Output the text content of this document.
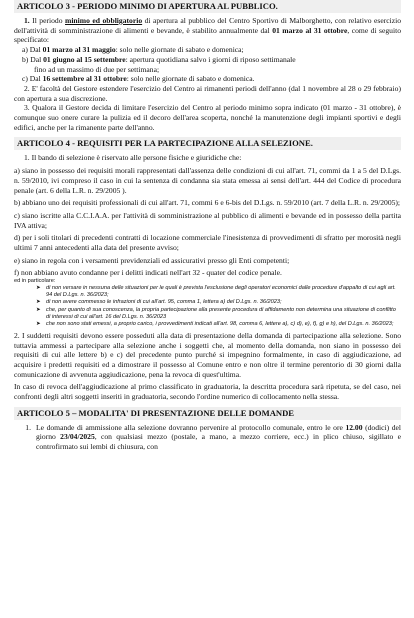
ARTICOLO 3 - PERIODO MINIMO DI APERTURA AL PUBBLICO.

1. Il periodo minimo ed obbligatorio di apertura al pubblico del Centro Sportivo di Malborghetto, con relativo esercizio dell'attività di somministrazione di alimenti e bevande, è stabilito annualmente dal 01 marzo al 31 ottobre, come di seguito specificato:

a) Dal 01 marzo al 31 maggio: solo nelle giornate di sabato e domenica;

b) Dal 01 giugno al 15 settembre: apertura quotidiana salvo i giorni di riposo settimanale

fino ad un massimo di due per settimana;

c) Dal 16 settembre al 31 ottobre: solo nelle giornate di sabato e domenica.

2. E' facoltà del Gestore estendere l'esercizio del Centro ai rimanenti periodi dell'anno (dal 1 novembre al 28 o 29 febbraio) con apertura a sua discrezione.

3. Qualora il Gestore decida di limitare l'esercizio del Centro al periodo minimo sopra indicato (01 marzo - 31 ottobre), è comunque suo onere curare la pulizia ed il decoro dell'area scoperta, nonché la manutenzione degli impianti sportivi e degli edifici, anche per la rimanente parte dell'anno.

ARTICOLO 4 - REQUISITI PER LA PARTECIPAZIONE ALLA SELEZIONE.

1. Il bando di selezione è riservato alle persone fisiche e giuridiche che:

a) siano in possesso dei requisiti morali rappresentati dall'assenza delle condizioni di cui all'art. 71, commi da 1 a 5 del D.Lgs. n. 59/2010, ivi compreso il caso in cui la sentenza di condanna sia stata emessa ai sensi dell'art. 444 del Codice di procedura penale (art. 6 della L.R. n. 29/2005 ).

b) abbiano uno dei requisiti professionali di cui all'art. 71, commi 6 e 6-bis del D.Lgs. n. 59/2010 (art. 7 della L.R. n. 29/2005);

c) siano iscritte alla C.C.I.A.A. per l'attività di somministrazione al pubblico di alimenti e bevande ed in possesso della partita IVA attiva;

d) per i soli titolari di precedenti contratti di locazione commerciale l'inesistenza di provvedimenti di sfratto per morosità negli ultimi 7 anni antecedenti alla data del presente avviso;

e) siano in regola con i versamenti previdenziali ed assicurativi presso gli Enti competenti;

f) non abbiano avuto condanne per i delitti indicati nell'art 32 - quater del codice penale.

ed in particolare:

➤ di non versare in nessuna delle situazioni per le quali è prevista l'esclusione degli operatori economici dalle procedure d'appalto di cui agli art. 94 del D.Lgs. n. 36/2023;
➤ di non avere commesso le infrazioni di cui all'art. 95, comma 1, lettera a) del D.Lgs. n. 36/2023;
➤ che, per quanto di sua conoscenza, la propria partecipazione alla presente procedura di affidamento non determina una situazione di conflitto di interessi di cui all'art. 16 del D.Lgs. n. 36/2023
➤ che non sono stati emessi, a proprio carico, i provvedimenti indicati all'art. 98, comma 6, lettere a), c) d), e), f), g) e h), del D.Lgs. n. 36/2023;

2. I suddetti requisiti devono essere posseduti alla data di presentazione della domanda di partecipazione alla selezione. Sono tuttavia ammessi a partecipare alla selezione anche i soggetti che, al momento della domanda, non siano in possesso dei requisiti di cui alle lettere b) e c) del precedente punto purché si impegnino formalmente, in caso di aggiudicazione, ad acquisire i predetti requisiti ed a dimostrare il possesso al Comune entro e non oltre il termine perentorio di 30 giorni dalla comunicazione di avvenuta aggiudicazione, pena la revoca di quest'ultima.

In caso di revoca dell'aggiudicazione al primo classificato in graduatoria, la descritta procedura sarà ripetuta, se del caso, nei confronti degli altri soggetti inseriti in graduatoria, secondo l'ordine numerico di collocamento nella stessa.

ARTICOLO 5 – MODALITA' DI PRESENTAZIONE DELLE DOMANDE

1. Le domande di ammissione alla selezione dovranno pervenire al protocollo comunale, entro le ore 12.00 (dodici) del giorno 23/04/2025, con qualsiasi mezzo (postale, a mano, a mezzo corriere, ecc.) in plico chiuso, sigillato e controfirmato sui lembi di chiusura, con
